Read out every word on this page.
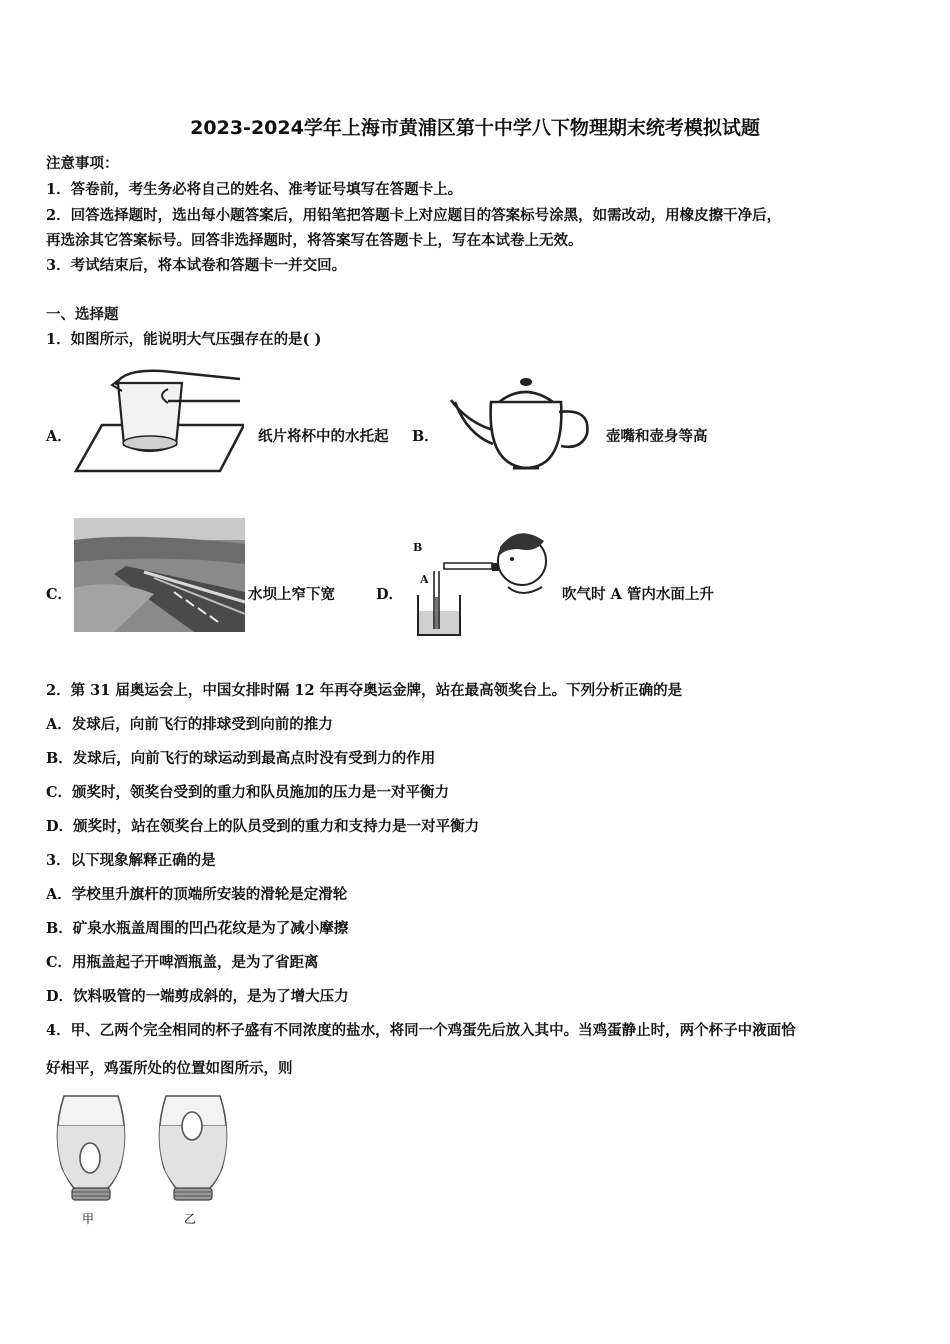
2023-2024学年上海市黄浦区第十中学八下物理期末统考模拟试题
注意事项：
1．答卷前，考生务必将自己的姓名、准考证号填写在答题卡上。
2．回答选择题时，选出每小题答案后，用铅笔把答题卡上对应题目的答案标号涂黑，如需改动，用橡皮擦干净后，
再选涂其它答案标号。回答非选择题时，将答案写在答题卡上，写在本试卷上无效。
3．考试结束后，将本试卷和答题卡一并交回。
一、选择题
1．如图所示，能说明大气压强存在的是( )
A．	纸片将杯中的水托起 B．	壶嘴和壶身等高
C．	水坝上窄下宽	D．
B
A
吹气时 A 管内水面上升
2．第 31 届奥运会上，中国女排时隔 12 年再夺奥运金牌，站在最高领奖台上。下列分析正确的是
A．发球后，向前飞行的排球受到向前的推力
B．发球后，向前飞行的球运动到最高点时没有受到力的作用
C．颁奖时，领奖台受到的重力和队员施加的压力是一对平衡力
D．颁奖时，站在领奖台上的队员受到的重力和支持力是一对平衡力
3．以下现象解释正确的是
A．学校里升旗杆的顶端所安装的滑轮是定滑轮
B．矿泉水瓶盖周围的凹凸花纹是为了减小摩擦
C．用瓶盖起子开啤酒瓶盖，是为了省距离
D．饮料吸管的一端剪成斜的，是为了增大压力
4．甲、乙两个完全相同的杯子盛有不同浓度的盐水，将同一个鸡蛋先后放入其中。当鸡蛋静止时，两个杯子中液面恰
好相平，鸡蛋所处的位置如图所示，则
甲	乙
